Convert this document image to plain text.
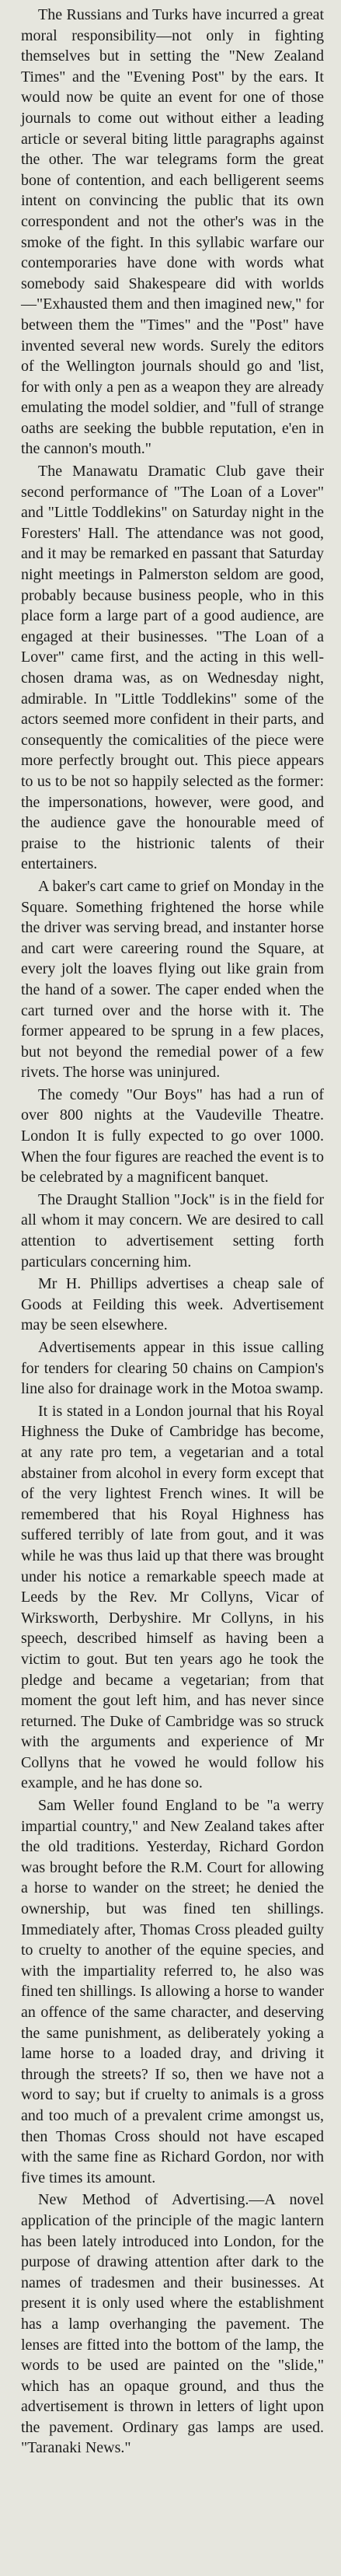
The Russians and Turks have incurred a great moral responsibility—not only in fighting themselves but in setting the "New Zealand Times" and the "Evening Post" by the ears. It would now be quite an event for one of those journals to come out without either a leading article or several biting little paragraphs against the other. The war telegrams form the great bone of contention, and each belligerent seems intent on convincing the public that its own correspondent and not the other's was in the smoke of the fight. In this syllabic warfare our contemporaries have done with words what somebody said Shakespeare did with worlds—"Exhausted them and then imagined new," for between them the "Times" and the "Post" have invented several new words. Surely the editors of the Wellington journals should go and 'list, for with only a pen as a weapon they are already emulating the model soldier, and "full of strange oaths are seeking the bubble reputation, e'en in the cannon's mouth."

The Manawatu Dramatic Club gave their second performance of "The Loan of a Lover" and "Little Toddlekins" on Saturday night in the Foresters' Hall. The attendance was not good, and it may be remarked en passant that Saturday night meetings in Palmerston seldom are good, probably because business people, who in this place form a large part of a good audience, are engaged at their businesses. "The Loan of a Lover" came first, and the acting in this well-chosen drama was, as on Wednesday night, admirable. In "Little Toddlekins" some of the actors seemed more confident in their parts, and consequently the comicalities of the piece were more perfectly brought out. This piece appears to us to be not so happily selected as the former: the impersonations, however, were good, and the audience gave the honourable meed of praise to the histrionic talents of their entertainers.

A baker's cart came to grief on Monday in the Square. Something frightened the horse while the driver was serving bread, and instanter horse and cart were careering round the Square, at every jolt the loaves flying out like grain from the hand of a sower. The caper ended when the cart turned over and the horse with it. The former appeared to be sprung in a few places, but not beyond the remedial power of a few rivets. The horse was uninjured.

The comedy "Our Boys" has had a run of over 800 nights at the Vaudeville Theatre. London It is fully expected to go over 1000. When the four figures are reached the event is to be celebrated by a magnificent banquet.

The Draught Stallion "Jock" is in the field for all whom it may concern. We are desired to call attention to advertisement setting forth particulars concerning him.

Mr H. Phillips advertises a cheap sale of Goods at Feilding this week. Advertisement may be seen elsewhere.

Advertisements appear in this issue calling for tenders for clearing 50 chains on Campion's line also for drainage work in the Motoa swamp.

It is stated in a London journal that his Royal Highness the Duke of Cambridge has become, at any rate pro tem, a vegetarian and a total abstainer from alcohol in every form except that of the very lightest French wines. It will be remembered that his Royal Highness has suffered terribly of late from gout, and it was while he was thus laid up that there was brought under his notice a remarkable speech made at Leeds by the Rev. Mr Collyns, Vicar of Wirksworth, Derbyshire. Mr Collyns, in his speech, described himself as having been a victim to gout. But ten years ago he took the pledge and became a vegetarian; from that moment the gout left him, and has never since returned. The Duke of Cambridge was so struck with the arguments and experience of Mr Collyns that he vowed he would follow his example, and he has done so.

Sam Weller found England to be "a werry impartial country," and New Zealand takes after the old traditions. Yesterday, Richard Gordon was brought before the R.M. Court for allowing a horse to wander on the street; he denied the ownership, but was fined ten shillings. Immediately after, Thomas Cross pleaded guilty to cruelty to another of the equine species, and with the impartiality referred to, he also was fined ten shillings. Is allowing a horse to wander an offence of the same character, and deserving the same punishment, as deliberately yoking a lame horse to a loaded dray, and driving it through the streets? If so, then we have not a word to say; but if cruelty to animals is a gross and too much of a prevalent crime amongst us, then Thomas Cross should not have escaped with the same fine as Richard Gordon, nor with five times its amount.

New Method of Advertising.—A novel application of the principle of the magic lantern has been lately introduced into London, for the purpose of drawing attention after dark to the names of tradesmen and their businesses. At present it is only used where the establishment has a lamp overhanging the pavement. The lenses are fitted into the bottom of the lamp, the words to be used are painted on the "slide," which has an opaque ground, and thus the advertisement is thrown in letters of light upon the pavement. Ordinary gas lamps are used. "Taranaki News."
